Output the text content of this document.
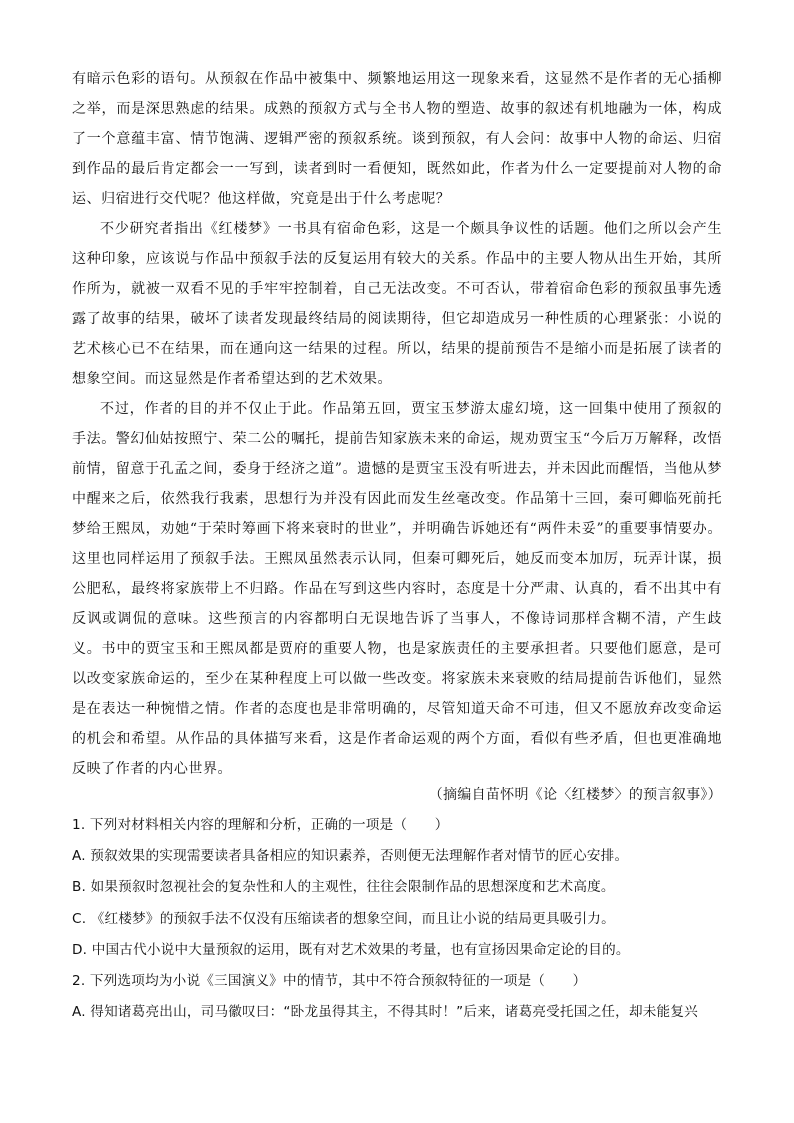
有暗示色彩的语句。从预叙在作品中被集中、频繁地运用这一现象来看，这显然不是作者的无心插柳之举，而是深思熟虑的结果。成熟的预叙方式与全书人物的塑造、故事的叙述有机地融为一体，构成了一个意蕴丰富、情节饱满、逻辑严密的预叙系统。谈到预叙，有人会问：故事中人物的命运、归宿到作品的最后肯定都会一一写到，读者到时一看便知，既然如此，作者为什么一定要提前对人物的命运、归宿进行交代呢？他这样做，究竟是出于什么考虑呢？

不少研究者指出《红楼梦》一书具有宿命色彩，这是一个颇具争议性的话题。他们之所以会产生这种印象，应该说与作品中预叙手法的反复运用有较大的关系。作品中的主要人物从出生开始，其所作所为，就被一双看不见的手牢牢控制着，自己无法改变。不可否认，带着宿命色彩的预叙虽事先透露了故事的结果，破坏了读者发现最终结局的阅读期待，但它却造成另一种性质的心理紧张：小说的艺术核心已不在结果，而在通向这一结果的过程。所以，结果的提前预告不是缩小而是拓展了读者的想象空间。而这显然是作者希望达到的艺术效果。

不过，作者的目的并不仅止于此。作品第五回，贾宝玉梦游太虚幻境，这一回集中使用了预叙的手法。警幻仙姑按照宁、荣二公的嘱托，提前告知家族未来的命运，规劝贾宝玉“今后万万解释，改悟前情，留意于孔孟之间，委身于经济之道”。遗憾的是贾宝玉没有听进去，并未因此而醒悟，当他从梦中醒来之后，依然我行我素，思想行为并没有因此而发生丝毫改变。作品第十三回，秦可卿临死前托梦给王熙凤，劝她“于荣时筹画下将来衰时的世业”，并明确告诉她还有“两件未妥”的重要事情要办。这里也同样运用了预叙手法。王熙凤虽然表示认同，但秦可卿死后，她反而变本加厉，玩弄计谋，损公肥私，最终将家族带上不归路。作品在写到这些内容时，态度是十分严肃、认真的，看不出其中有反讽或调侃的意味。这些预言的内容都明白无误地告诉了当事人，不像诗词那样含糊不清，产生歧义。书中的贾宝玉和王熙凤都是贾府的重要人物，也是家族责任的主要承担者。只要他们愿意，是可以改变家族命运的，至少在某种程度上可以做一些改变。将家族未来衰败的结局提前告诉他们，显然是在表达一种惋惜之情。作者的态度也是非常明确的，尽管知道天命不可违，但又不愿放弃改变命运的机会和希望。从作品的具体描写来看，这是作者命运观的两个方面，看似有些矛盾，但也更准确地反映了作者的内心世界。

（摘编自苗怀明《论〈红楼梦〉的预言叙事》）
1. 下列对材料相关内容的理解和分析，正确的一项是（　　）
A. 预叙效果的实现需要读者具备相应的知识素养，否则便无法理解作者对情节的匠心安排。
B. 如果预叙时忽视社会的复杂性和人的主观性，往往会限制作品的思想深度和艺术高度。
C. 《红楼梦》的预叙手法不仅没有压缩读者的想象空间，而且让小说的结局更具吸引力。
D. 中国古代小说中大量预叙的运用，既有对艺术效果的考量，也有宣扬因果命定论的目的。
2. 下列选项均为小说《三国演义》中的情节，其中不符合预叙特征的一项是（　　）
A. 得知诸葛亮出山，司马徽叹曰：“卧龙虽得其主，不得其时！”后来，诸葛亮受托国之任，却未能复兴
